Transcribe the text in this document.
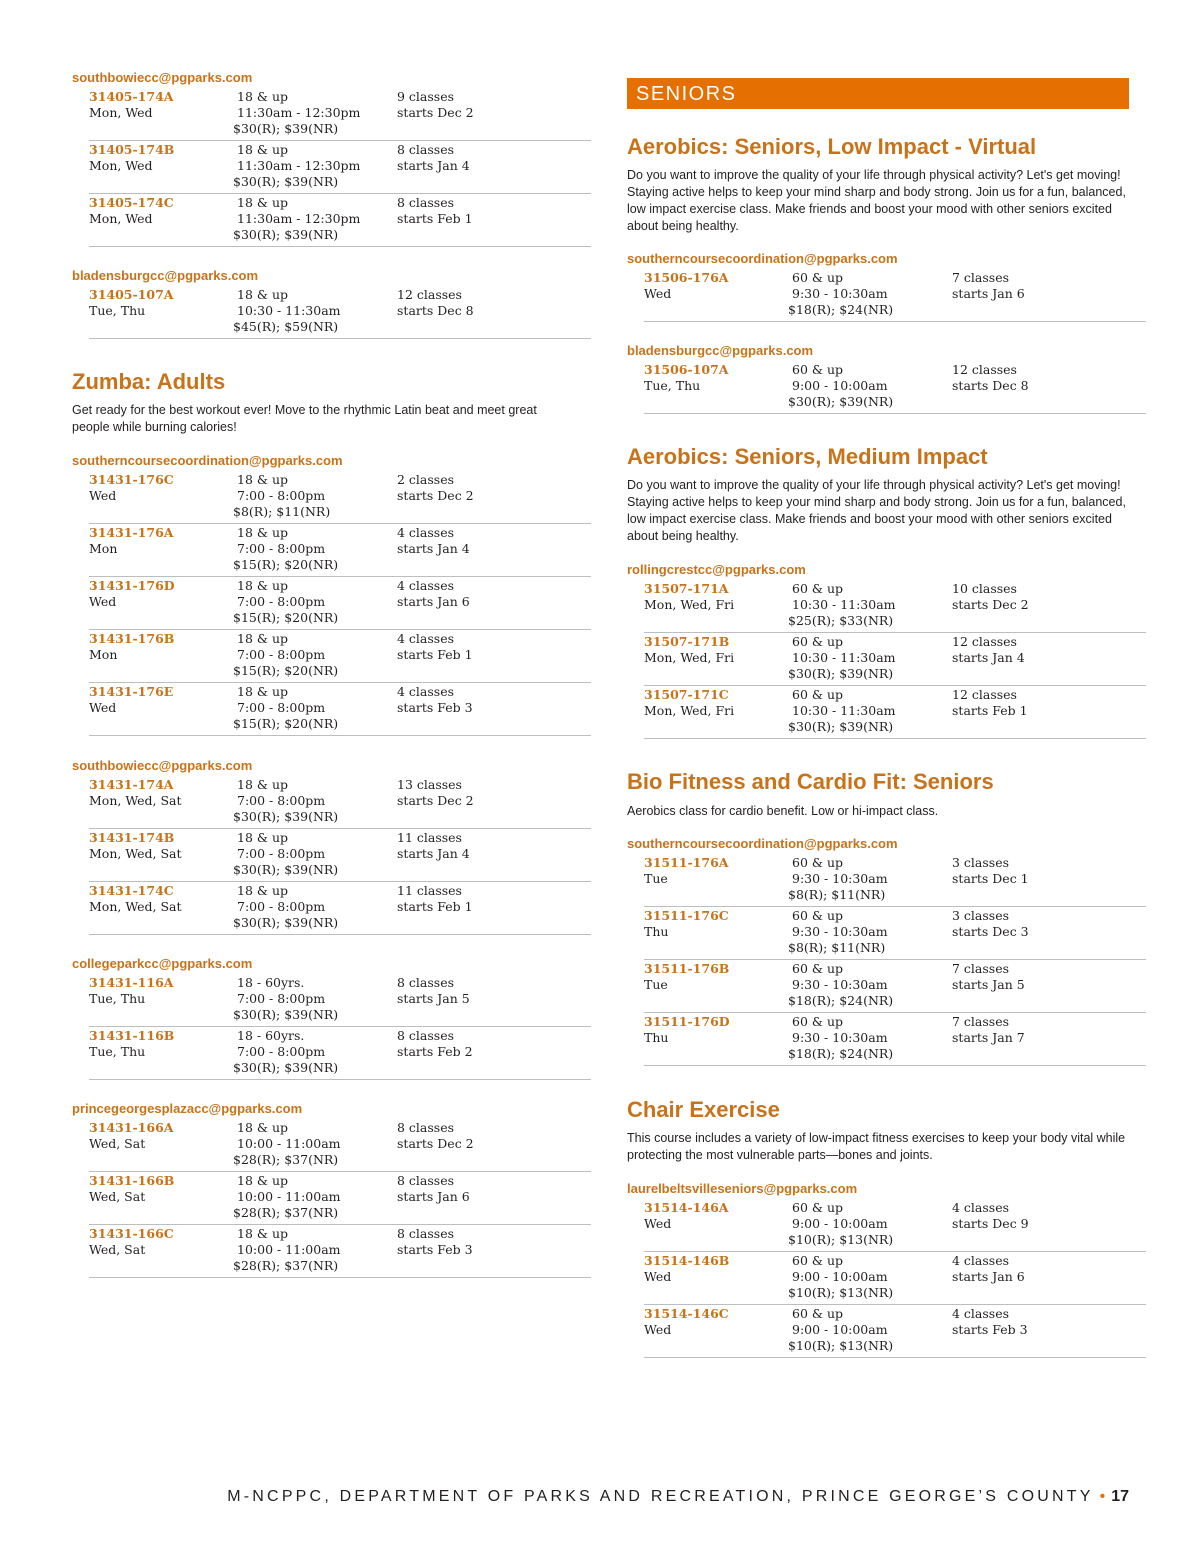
southbowiecc@pgparks.com
31405-174A
Mon, Wed
18 & up
11:30am - 12:30pm
$30(R); $39(NR)
9 classes
starts Dec 2
31405-174B
Mon, Wed
18 & up
11:30am - 12:30pm
$30(R); $39(NR)
8 classes
starts Jan 4
31405-174C
Mon, Wed
18 & up
11:30am - 12:30pm
$30(R); $39(NR)
8 classes
starts Feb 1
bladensburgcc@pgparks.com
31405-107A
Tue, Thu
18 & up
10:30 - 11:30am
$45(R); $59(NR)
12 classes
starts Dec 8
Zumba: Adults
Get ready for the best workout ever! Move to the rhythmic Latin beat and meet great people while burning calories!
southerncoursecoordination@pgparks.com
31431-176C
Wed
18 & up
7:00 - 8:00pm
$8(R); $11(NR)
2 classes
starts Dec 2
31431-176A
Mon
18 & up
7:00 - 8:00pm
$15(R); $20(NR)
4 classes
starts Jan 4
31431-176D
Wed
18 & up
7:00 - 8:00pm
$15(R); $20(NR)
4 classes
starts Jan 6
31431-176B
Mon
18 & up
7:00 - 8:00pm
$15(R); $20(NR)
4 classes
starts Feb 1
31431-176E
Wed
18 & up
7:00 - 8:00pm
$15(R); $20(NR)
4 classes
starts Feb 3
southbowiecc@pgparks.com
31431-174A
Mon, Wed, Sat
18 & up
7:00 - 8:00pm
$30(R); $39(NR)
13 classes
starts Dec 2
31431-174B
Mon, Wed, Sat
18 & up
7:00 - 8:00pm
$30(R); $39(NR)
11 classes
starts Jan 4
31431-174C
Mon, Wed, Sat
18 & up
7:00 - 8:00pm
$30(R); $39(NR)
11 classes
starts Feb 1
collegeparkcc@pgparks.com
31431-116A
Tue, Thu
18 - 60yrs.
7:00 - 8:00pm
$30(R); $39(NR)
8 classes
starts Jan 5
31431-116B
Tue, Thu
18 - 60yrs.
7:00 - 8:00pm
$30(R); $39(NR)
8 classes
starts Feb 2
princegeorgesplazacc@pgparks.com
31431-166A
Wed, Sat
18 & up
10:00 - 11:00am
$28(R); $37(NR)
8 classes
starts Dec 2
31431-166B
Wed, Sat
18 & up
10:00 - 11:00am
$28(R); $37(NR)
8 classes
starts Jan 6
31431-166C
Wed, Sat
18 & up
10:00 - 11:00am
$28(R); $37(NR)
8 classes
starts Feb 3
SENIORS
Aerobics: Seniors, Low Impact - Virtual
Do you want to improve the quality of your life through physical activity? Let's get moving! Staying active helps to keep your mind sharp and body strong. Join us for a fun, balanced, low impact exercise class. Make friends and boost your mood with other seniors excited about being healthy.
southerncoursecoordination@pgparks.com
31506-176A
Wed
60 & up
9:30 - 10:30am
$18(R); $24(NR)
7 classes
starts Jan 6
bladensburgcc@pgparks.com
31506-107A
Tue, Thu
60 & up
9:00 - 10:00am
$30(R); $39(NR)
12 classes
starts Dec 8
Aerobics: Seniors, Medium Impact
Do you want to improve the quality of your life through physical activity? Let's get moving! Staying active helps to keep your mind sharp and body strong. Join us for a fun, balanced, low impact exercise class. Make friends and boost your mood with other seniors excited about being healthy.
rollingcrestcc@pgparks.com
31507-171A
Mon, Wed, Fri
60 & up
10:30 - 11:30am
$25(R); $33(NR)
10 classes
starts Dec 2
31507-171B
Mon, Wed, Fri
60 & up
10:30 - 11:30am
$30(R); $39(NR)
12 classes
starts Jan 4
31507-171C
Mon, Wed, Fri
60 & up
10:30 - 11:30am
$30(R); $39(NR)
12 classes
starts Feb 1
Bio Fitness and Cardio Fit: Seniors
Aerobics class for cardio benefit. Low or hi-impact class.
southerncoursecoordination@pgparks.com
31511-176A
Tue
60 & up
9:30 - 10:30am
$8(R); $11(NR)
3 classes
starts Dec 1
31511-176C
Thu
60 & up
9:30 - 10:30am
$8(R); $11(NR)
3 classes
starts Dec 3
31511-176B
Tue
60 & up
9:30 - 10:30am
$18(R); $24(NR)
7 classes
starts Jan 5
31511-176D
Thu
60 & up
9:30 - 10:30am
$18(R); $24(NR)
7 classes
starts Jan 7
Chair Exercise
This course includes a variety of low-impact fitness exercises to keep your body vital while protecting the most vulnerable parts—bones and joints.
laurelbeltsvilleseniors@pgparks.com
31514-146A
Wed
60 & up
9:00 - 10:00am
$10(R); $13(NR)
4 classes
starts Dec 9
31514-146B
Wed
60 & up
9:00 - 10:00am
$10(R); $13(NR)
4 classes
starts Jan 6
31514-146C
Wed
60 & up
9:00 - 10:00am
$10(R); $13(NR)
4 classes
starts Feb 3
M-NCPPC, DEPARTMENT OF PARKS AND RECREATION, PRINCE GEORGE’S COUNTY • 17
